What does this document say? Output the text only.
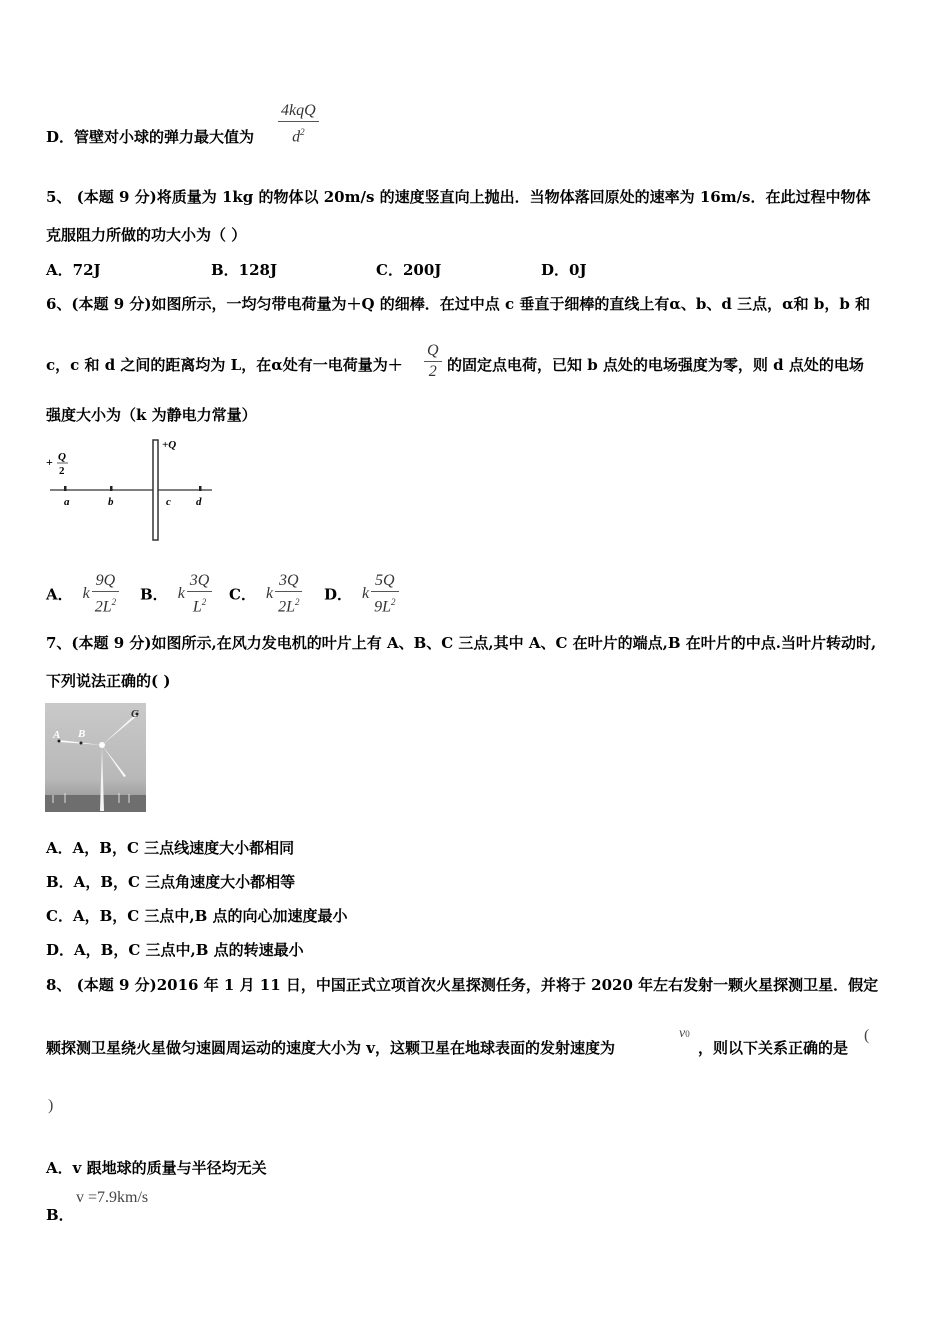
D．管壁对小球的弹力最大值为
4kqQ
$d^2$
5、 (本题 9 分)将质量为 1kg 的物体以 20m/s 的速度竖直向上抛出．当物体落回原处的速率为 16m/s．在此过程中物体
克服阻力所做的功大小为（ ）
A．72J	B．128J	C．200J	D．0J
6、(本题 9 分)如图所示，一均匀带电荷量为＋Q 的细棒．在过中点 c 垂直于细棒的直线上有α、b、d 三点，α和 b，b 和
c，c 和 d 之间的距离均为 L，在α处有一电荷量为＋ $\frac{Q}{2}$ 的固定点电荷，已知 b 点处的电场强度为零，则 d 点处的电场
强度大小为（k 为静电力常量）
+Q
+ Q
2
a	b	c d
A． k $\frac{9Q}{2L^2}$ B． k $\frac{3Q}{L^2}$ C． k $\frac{3Q}{2L^2}$ D． k $\frac{5Q}{9L^2}$
7、(本题 9 分)如图所示,在风力发电机的叶片上有 A、B、C 三点,其中 A、C 在叶片的端点,B 在叶片的中点.当叶片转动时,
下列说法正确的( )
A B
C
A．A，B，C 三点线速度大小都相同
B．A，B，C 三点角速度大小都相等
C．A，B，C 三点中,B 点的向心加速度最小
D．A，B，C 三点中,B 点的转速最小
8、 (本题 9 分)2016 年 1 月 11 日，中国正式立项首次火星探测任务，并将于 2020 年左右发射一颗火星探测卫星．假定
颗探测卫星绕火星做匀速圆周运动的速度大小为 v，这颗卫星在地球表面的发射速度为
v0
，则以下关系正确的是
(
)
A．v 跟地球的质量与半径均无关
B．
v =7.9km/s
